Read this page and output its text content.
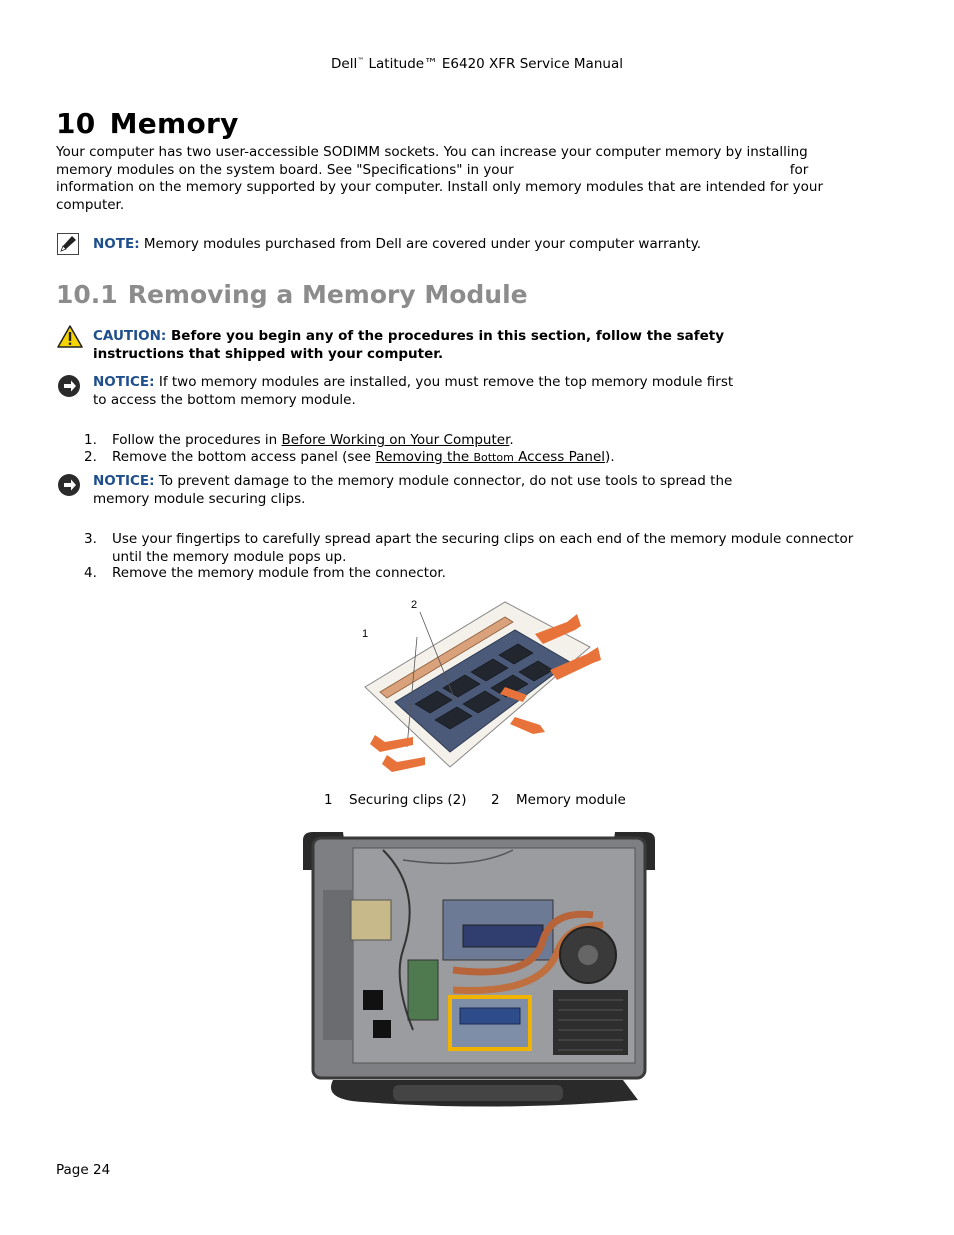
Dell™ Latitude™ E6420 XFR Service Manual
10 Memory
Your computer has two user-accessible SODIMM sockets. You can increase your computer memory by installing
memory modules on the system board. See "Specifications" in your	for
information on the memory supported by your computer. Install only memory modules that are intended for your
computer.
NOTE: Memory modules purchased from Dell are covered under your computer warranty.
10.1 Removing a Memory Module
CAUTION: Before you begin any of the procedures in this section, follow the safety
instructions that shipped with your computer.
NOTICE: If two memory modules are installed, you must remove the top memory module first
to access the bottom memory module.
1. Follow the procedures in Before Working on Your Computer.
2. Remove the bottom access panel (see Removing the Bottom Access Panel).
NOTICE: To prevent damage to the memory module connector, do not use tools to spread the
memory module securing clips.
3. Use your fingertips to carefully spread apart the securing clips on each end of the memory module connector
until the memory module pops up.
4. Remove the memory module from the connector.
1
2
1 Securing clips (2) 2 Memory module
Page 24
